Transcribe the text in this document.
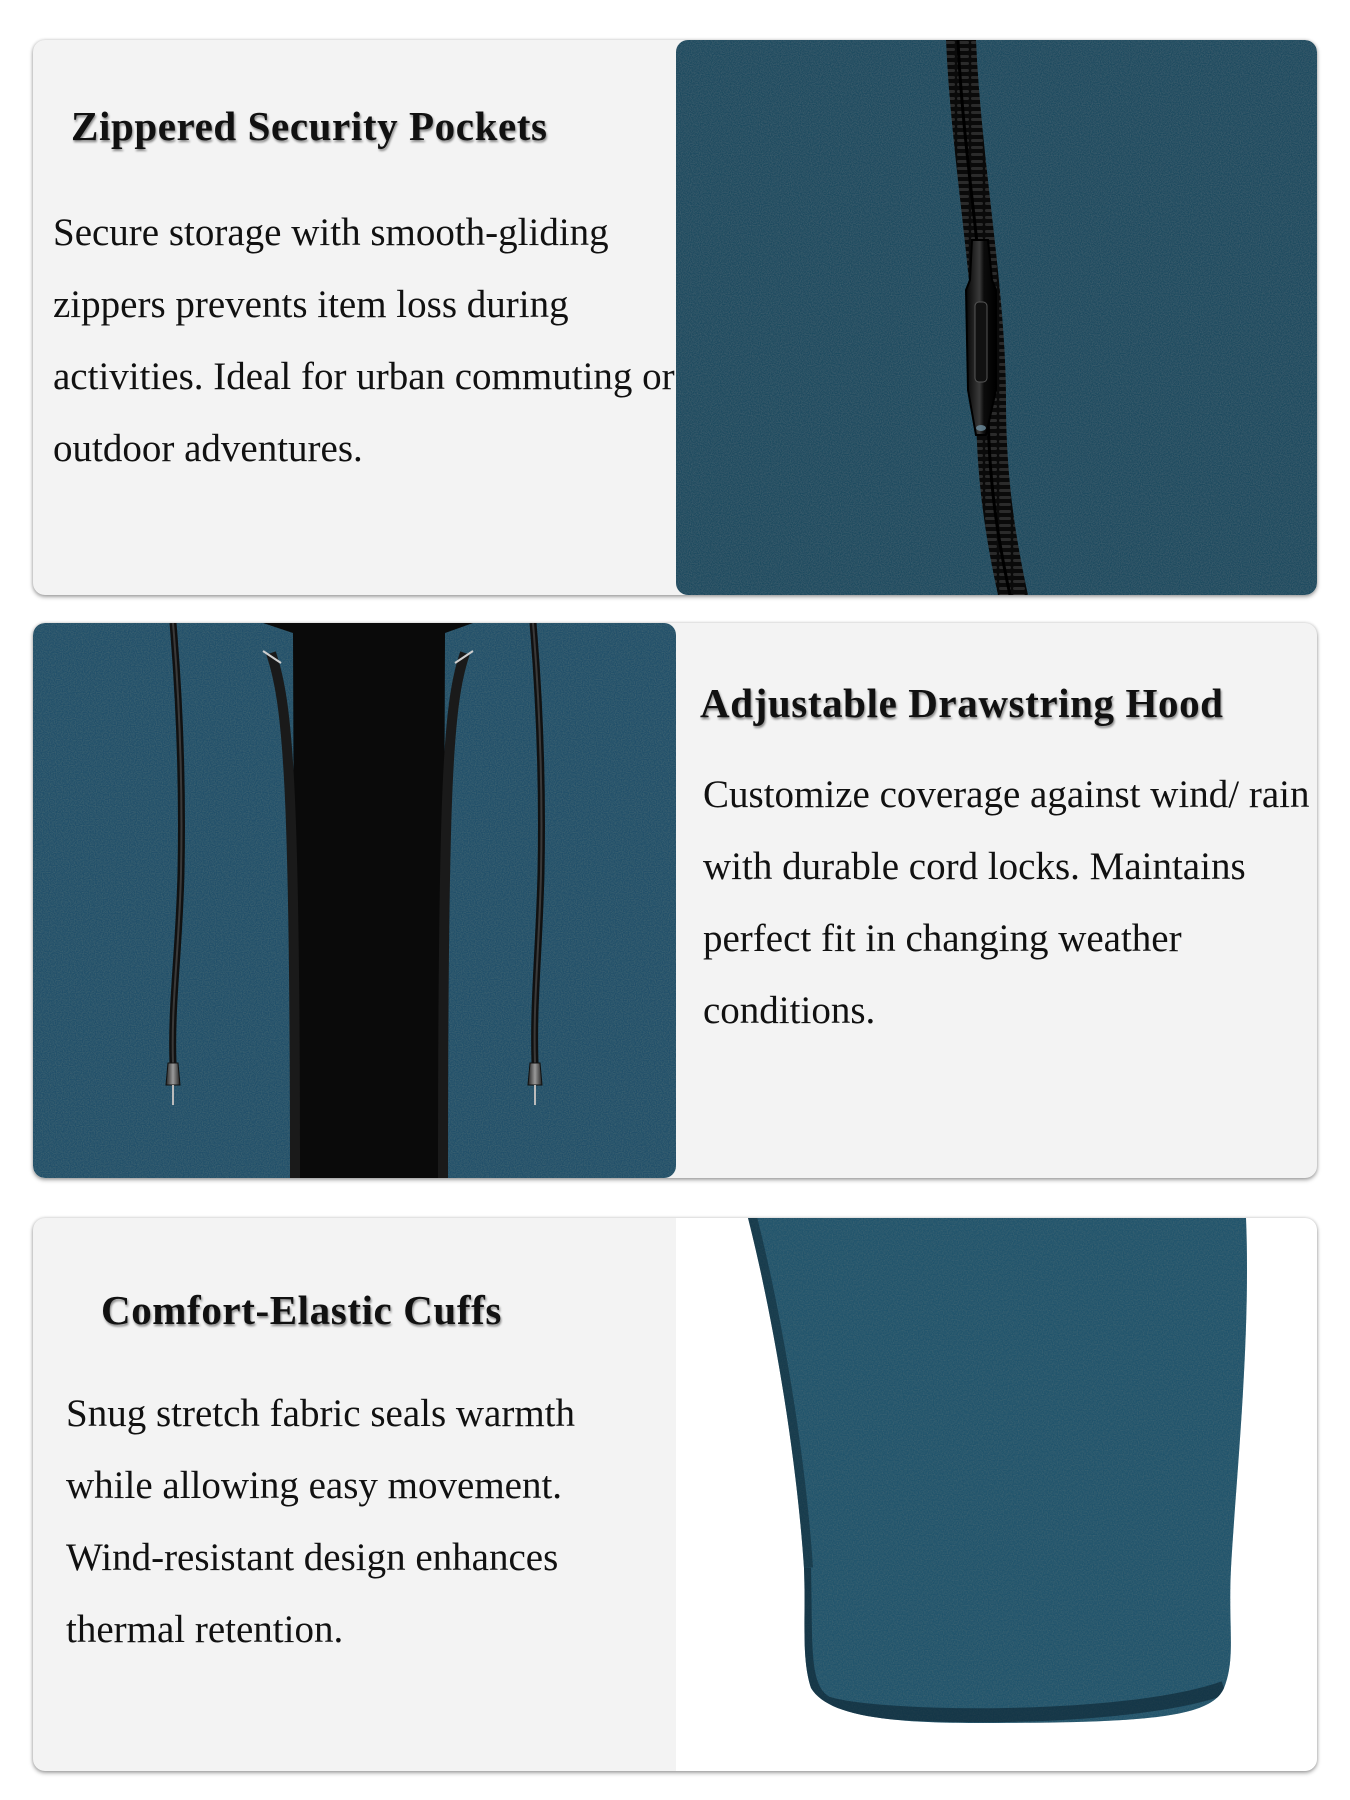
Zippered Security Pockets

Secure storage with smooth-gliding zippers prevents item loss during activities. Ideal for urban commuting or outdoor adventures.

Adjustable Drawstring Hood

Customize coverage against wind/ rain with durable cord locks. Maintains perfect fit in changing weather conditions.

Comfort-Elastic Cuffs

Snug stretch fabric seals warmth while allowing easy movement. Wind-resistant design enhances thermal retention.
